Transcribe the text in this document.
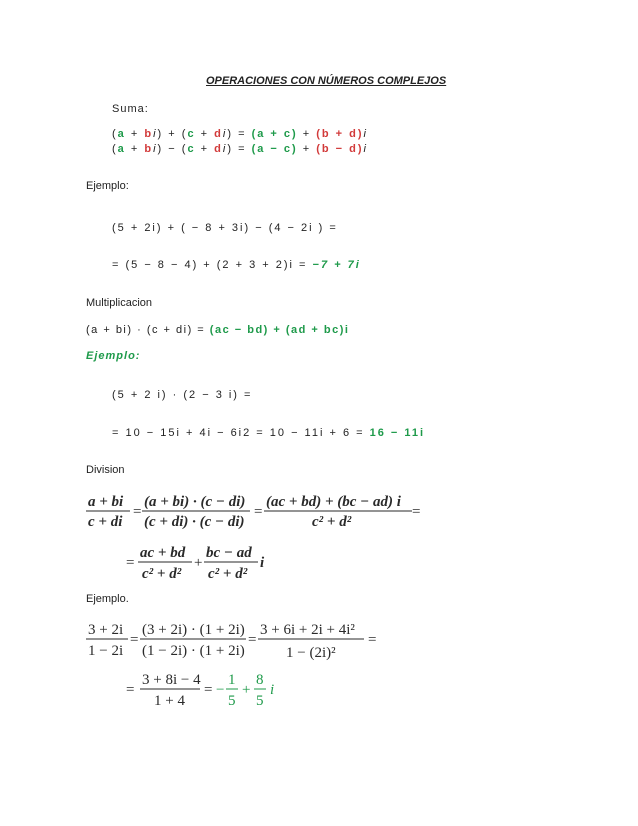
OPERACIONES CON NÚMEROS COMPLEJOS
Suma:
(a + bi) + (c + di) = (a + c) + (b + d)i
(a + bi) − (c + di) = (a − c) + (b − d)i
Ejemplo:
(5 + 2i) + ( − 8 + 3i) − (4 − 2i ) =
= (5 − 8 − 4) + (2 + 3 + 2)i = −7 + 7i
Multiplicacion
(a + bi) · (c + di) = (ac − bd) + (ad + bc)i
Ejemplo:
(5 + 2 i) · (2 − 3 i) =
= 10 − 15i + 4i − 6i2 = 10 − 11i + 6 = 16 − 11i
Division
a + bi
c + di
=
(a + bi) · (c − di)
(c + di) · (c − di)
=
(ac + bd) + (bc − ad) i
c² + d²
=
=
ac + bd
c² + d²
+
bc − ad
c² + d²
i
Ejemplo.
3 + 2i
1 − 2i
=
(3 + 2i) · (1 + 2i)
(1 − 2i) · (1 + 2i)
=
3 + 6i + 2i + 4i²
1 − (2i)²
=
=
3 + 8i − 4
1 + 4
= −
1
5
+
8
5
i
